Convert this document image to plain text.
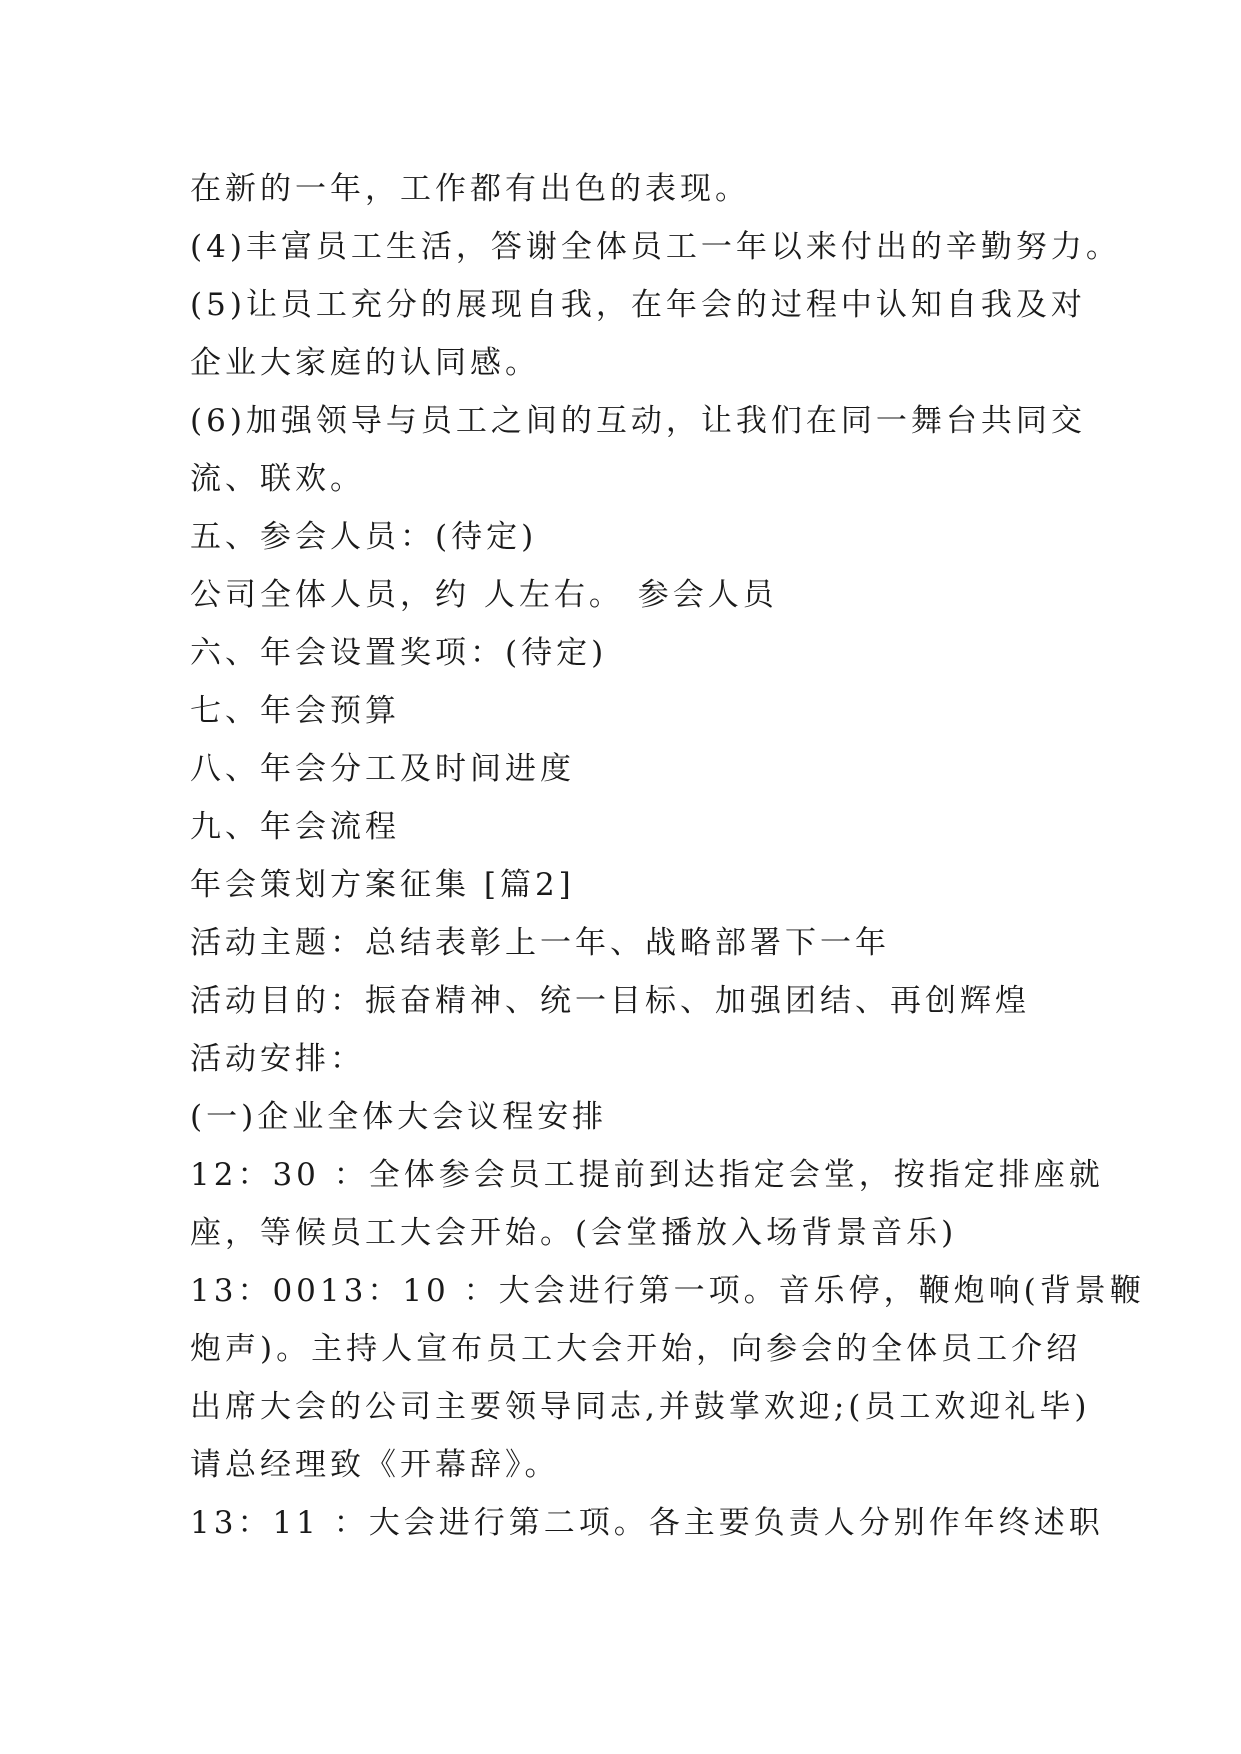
在新的一年，工作都有出色的表现。
(4)丰富员工生活，答谢全体员工一年以来付出的辛勤努力。
(5)让员工充分的展现自我，在年会的过程中认知自我及对
企业大家庭的认同感。
(6)加强领导与员工之间的互动，让我们在同一舞台共同交
流、联欢。
五、参会人员：(待定)
公司全体人员，约 人左右。 参会人员
六、年会设置奖项：(待定)
七、年会预算
八、年会分工及时间进度
九、年会流程
年会策划方案征集 [篇2]
活动主题：总结表彰上一年、战略部署下一年
活动目的：振奋精神、统一目标、加强团结、再创辉煌
活动安排：
(一)企业全体大会议程安排
12：30 ：全体参会员工提前到达指定会堂，按指定排座就
座，等候员工大会开始。(会堂播放入场背景音乐)
13：0013：10 ：大会进行第一项。音乐停，鞭炮响(背景鞭
炮声)。主持人宣布员工大会开始，向参会的全体员工介绍
出席大会的公司主要领导同志,并鼓掌欢迎;(员工欢迎礼毕)
请总经理致《开幕辞》。
13：11 ：大会进行第二项。各主要负责人分别作年终述职
